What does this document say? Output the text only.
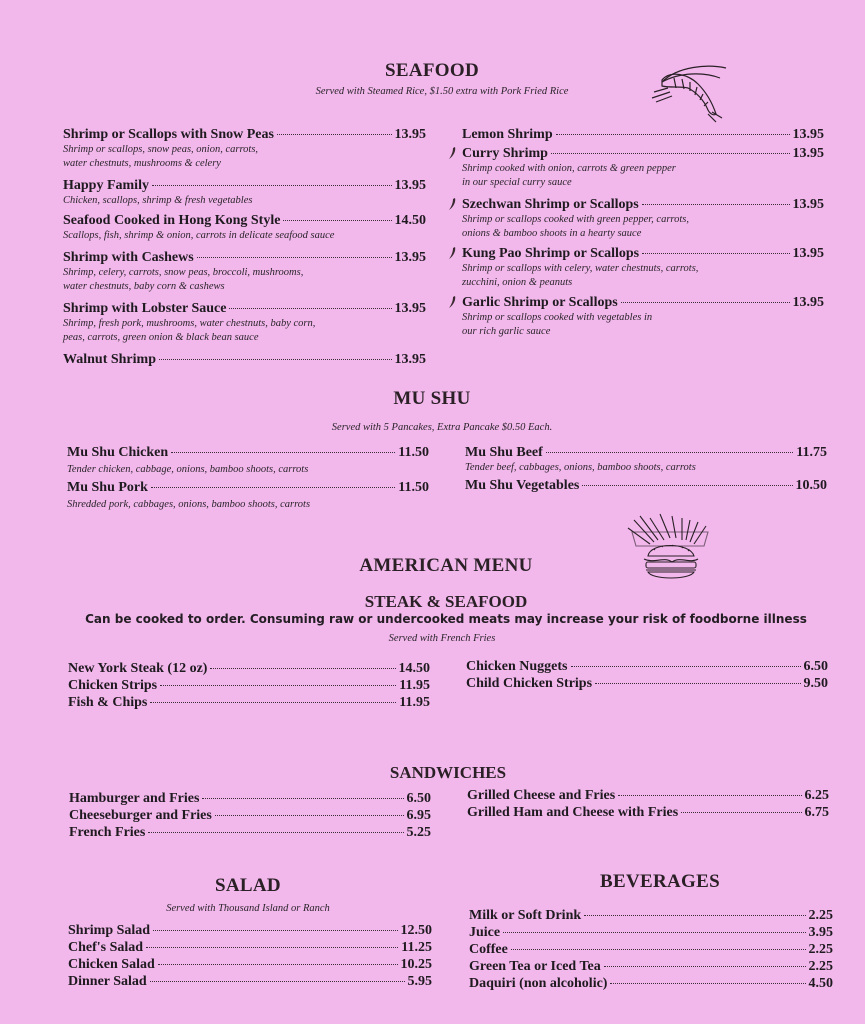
SEAFOOD
Served with Steamed Rice, $1.50 extra with Pork Fried Rice
Shrimp or Scallops with Snow Peas	13.95
Shrimp or scallops, snow peas, onion, carrots,
water chestnuts, mushrooms & celery
Happy Family	13.95
Chicken, scallops, shrimp & fresh vegetables
Seafood Cooked in Hong Kong Style	14.50
Scallops, fish, shrimp & onion, carrots in delicate seafood sauce
Shrimp with Cashews	13.95
Shrimp, celery, carrots, snow peas, broccoli, mushrooms,
water chestnuts, baby corn & cashews
Shrimp with Lobster Sauce	13.95
Shrimp, fresh pork, mushrooms, water chestnuts, baby corn,
peas, carrots, green onion & black bean sauce
Walnut Shrimp	13.95
Lemon Shrimp	13.95
Curry Shrimp	13.95
Shrimp cooked with onion, carrots & green pepper
in our special curry sauce
Szechwan Shrimp or Scallops	13.95
Shrimp or scallops cooked with green pepper, carrots,
onions & bamboo shoots in a hearty sauce
Kung Pao Shrimp or Scallops	13.95
Shrimp or scallops with celery, water chestnuts, carrots,
zucchini, onion & peanuts
Garlic Shrimp or Scallops	13.95
Shrimp or scallops cooked with vegetables in
our rich garlic sauce
MU SHU
Served with 5 Pancakes, Extra Pancake $0.50 Each.
Mu Shu Chicken	11.50
Tender chicken, cabbage, onions, bamboo shoots, carrots
Mu Shu Pork	11.50
Shredded pork, cabbages, onions, bamboo shoots, carrots
Mu Shu Beef	11.75
Tender beef, cabbages, onions, bamboo shoots, carrots
Mu Shu Vegetables	10.50
AMERICAN MENU
STEAK & SEAFOOD
Can be cooked to order. Consuming raw or undercooked meats may increase your risk of foodborne illness
Served with French Fries
New York Steak (12 oz)	14.50
Chicken Strips	11.95
Fish & Chips	11.95
Chicken Nuggets	6.50
Child Chicken Strips	9.50
SANDWICHES
Hamburger and Fries	6.50
Cheeseburger and Fries	6.95
French Fries	5.25
Grilled Cheese and Fries	6.25
Grilled Ham and Cheese with Fries	6.75
SALAD
Served with Thousand Island or Ranch
Shrimp Salad	12.50
Chef's Salad	11.25
Chicken Salad	10.25
Dinner Salad	5.95
BEVERAGES
Milk or Soft Drink	2.25
Juice	3.95
Coffee	2.25
Green Tea or Iced Tea	2.25
Daquiri (non alcoholic)	4.50
